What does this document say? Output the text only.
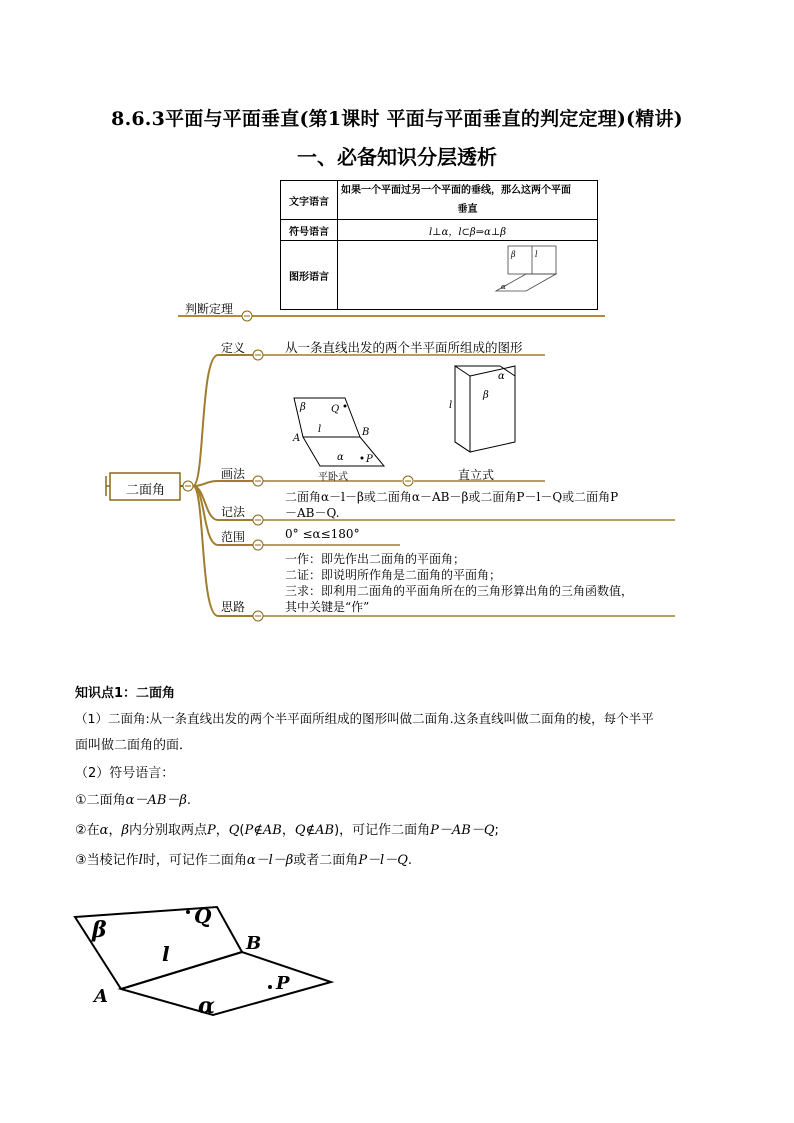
8.6.3平面与平面垂直(第1课时 平面与平面垂直的判定定理)(精讲)
一、必备知识分层透析
文字语言	如果一个平面过另一个平面的垂线，那么这两个平面
垂直

符号语言	l⊥α，l⊂β⇒α⊥β
图形语言	β l
α
β	Q
l
A
B
α P
α
β
l
判断定理
二面角
定义	从一条直线出发的两个半平面所组成的图形
画法	平卧式	直立式
记法
二面角α－l－β或二面角α－AB－β或二面角P－l－Q或二面角P
－AB－Q.
范围	0° ≤α≤180°
思路
一作：即先作出二面角的平面角；
二证：即说明所作角是二面角的平面角；
三求：即利用二面角的平面角所在的三角形算出角的三角函数值，
其中关键是“作”
知识点1：二面角
（1）二面角:从一条直线出发的两个半平面所组成的图形叫做二面角.这条直线叫做二面角的棱，每个半平
面叫做二面角的面．
（2）符号语言：
①二面角α－AB－β.
②在α，β内分别取两点P，Q(P∉AB，Q∉AB)，可记作二面角P－AB－Q;
③当棱记作l时，可记作二面角α－l－β或者二面角P－l－Q.
β
Q
l	B
A
P
α
